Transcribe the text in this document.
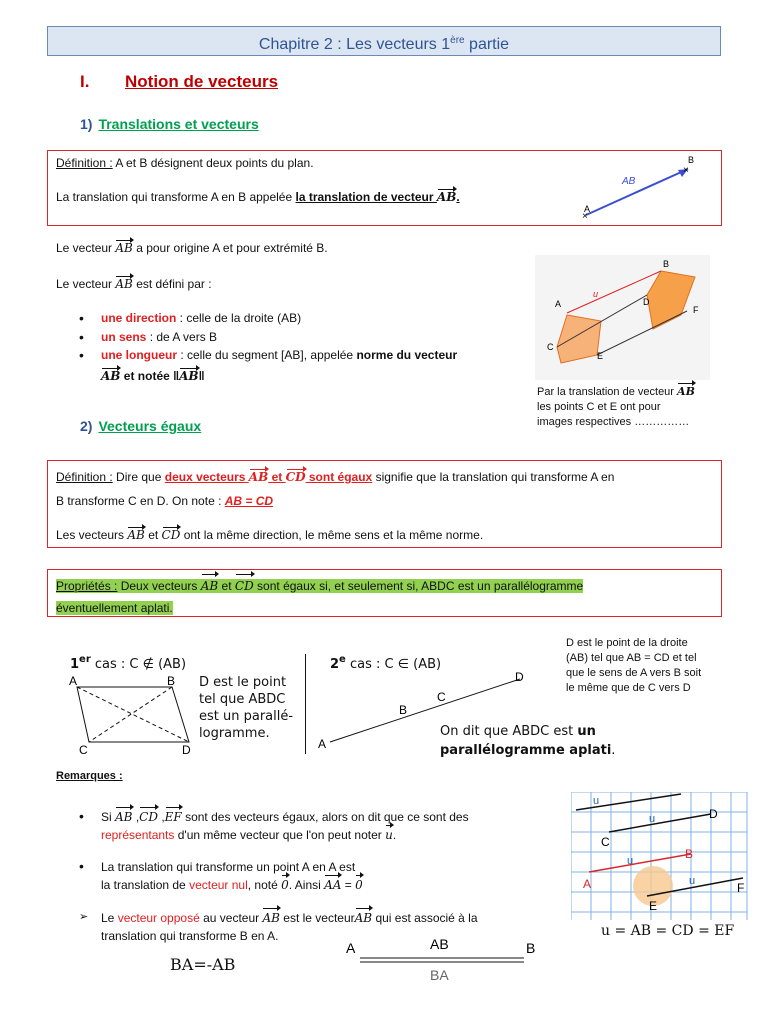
Chapitre 2 : Les vecteurs 1ère partie
I. Notion de vecteurs
1) Translations et vecteurs
Définition : A et B désignent deux points du plan.
La translation qui transforme A en B appelée la translation de vecteur AB.
A
B
AB
×
×
Le vecteur AB a pour origine A et pour extrémité B.
Le vecteur AB est défini par :
• une direction : celle de la droite (AB)
• un sens : de A vers B
• une longueur : celle du segment [AB], appelée norme du vecteur
AB et notée ‖AB‖
A
B
C
D
E
F
u
Par la translation de vecteur AB
les points C et E ont pour
images respectives ……………
2) Vecteurs égaux
Définition : Dire que deux vecteurs AB et CD sont égaux signifie que la translation qui transforme A en
B transforme C en D. On note : AB = CD
Les vecteurs AB et CD ont la même direction, le même sens et la même norme.
Propriétés : Deux vecteurs AB et CD sont égaux si, et seulement si, ABDC est un parallélogramme
éventuellement aplati.
1er cas : C ∉ (AB)
A	B
C	D
D est le point
tel que ABDC
est un parallé-
logramme.
2e cas : C ∈ (AB)
A
B
C
D
On dit que ABDC est un
parallélogramme aplati.
D est le point de la droite
(AB) tel que AB = CD et tel
que le sens de A vers B soit
le même que de C vers D
Remarques :
• Si AB ,CD ,EF sont des vecteurs égaux, alors on dit que ce sont des
représentants d'un même vecteur que l'on peut noter u.
• La translation qui transforme un point A en A est
la translation de vecteur nul, noté 0. Ainsi AA = 0
➢ Le vecteur opposé au vecteur AB est le vecteurAB qui est associé à la
translation qui transforme B en A.
BA=-AB
A	B
AB
BA
u
u	D
C
u	B
A	u
E
F
u = AB = CD = EF
